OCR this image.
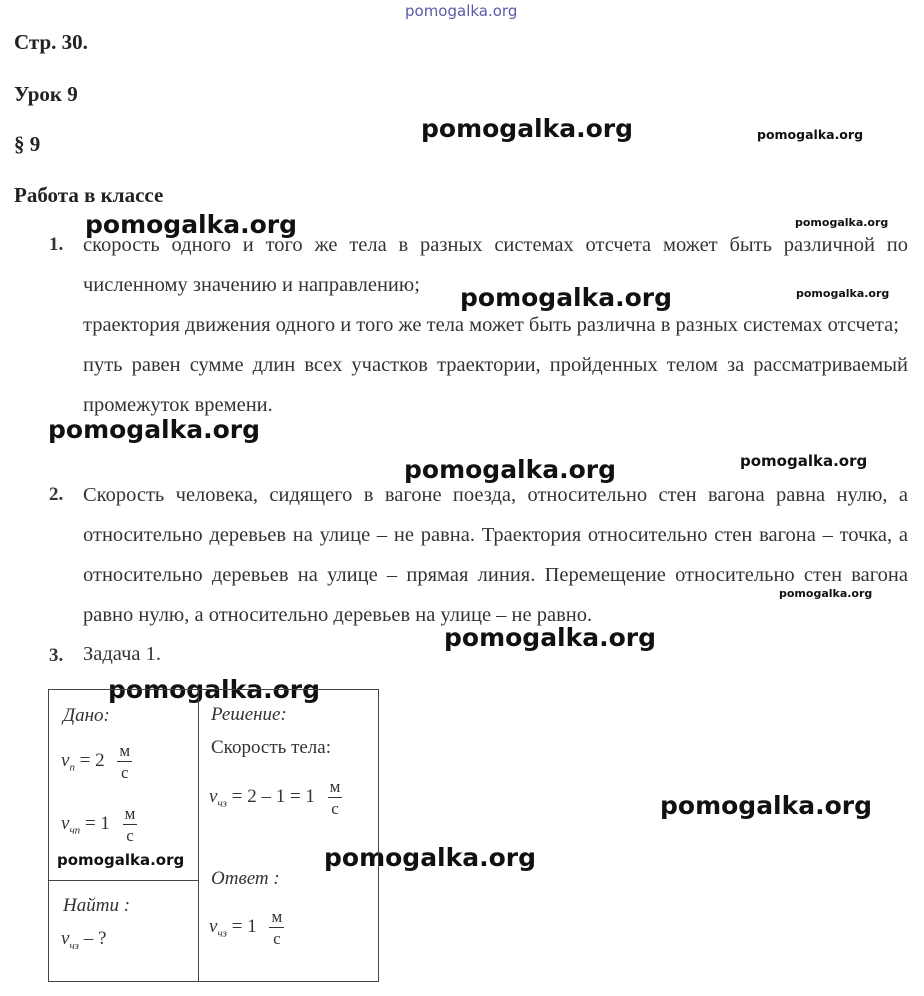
pomogalka.org
pomogalka.org	pomogalka.org
pomogalka.org	pomogalka.org
pomogalka.org	pomogalka.org
pomogalka.org
pomogalka.org	pomogalka.org
pomogalka.org
pomogalka.org
pomogalka.org
pomogalka.org
pomogalka.org	pomogalka.org
Стр. 30.
Урок 9
§ 9
Работа в классе
1. скорость одного и того же тела в разных системах отсчета может быть различной по численному значению и направлению;

траектория движения одного и того же тела может быть различна в разных системах отсчета;

путь равен сумме длин всех участков траектории, пройденных телом за рассматриваемый промежуток времени.

2. Скорость человека, сидящего в вагоне поезда, относительно стен вагона равна нулю, а относительно деревьев на улице – не равна. Траектория относительно стен вагона – точка, а относительно деревьев на улице – прямая линия. Перемещение относительно стен вагона равно нулю, а относительно деревьев на улице – не равно.

3. Задача 1.

Дано:
$v_п = 2 \frac{м}{с}$
$v_{чп} = 1 \frac{м}{с}$
Найти :
$v_{чз}$ – ?
Решение:
Скорость тела:
$v_{чз} = 2 - 1 = 1 \frac{м}{с}$
Ответ :
$v_{чз} = 1 \frac{м}{с}$
